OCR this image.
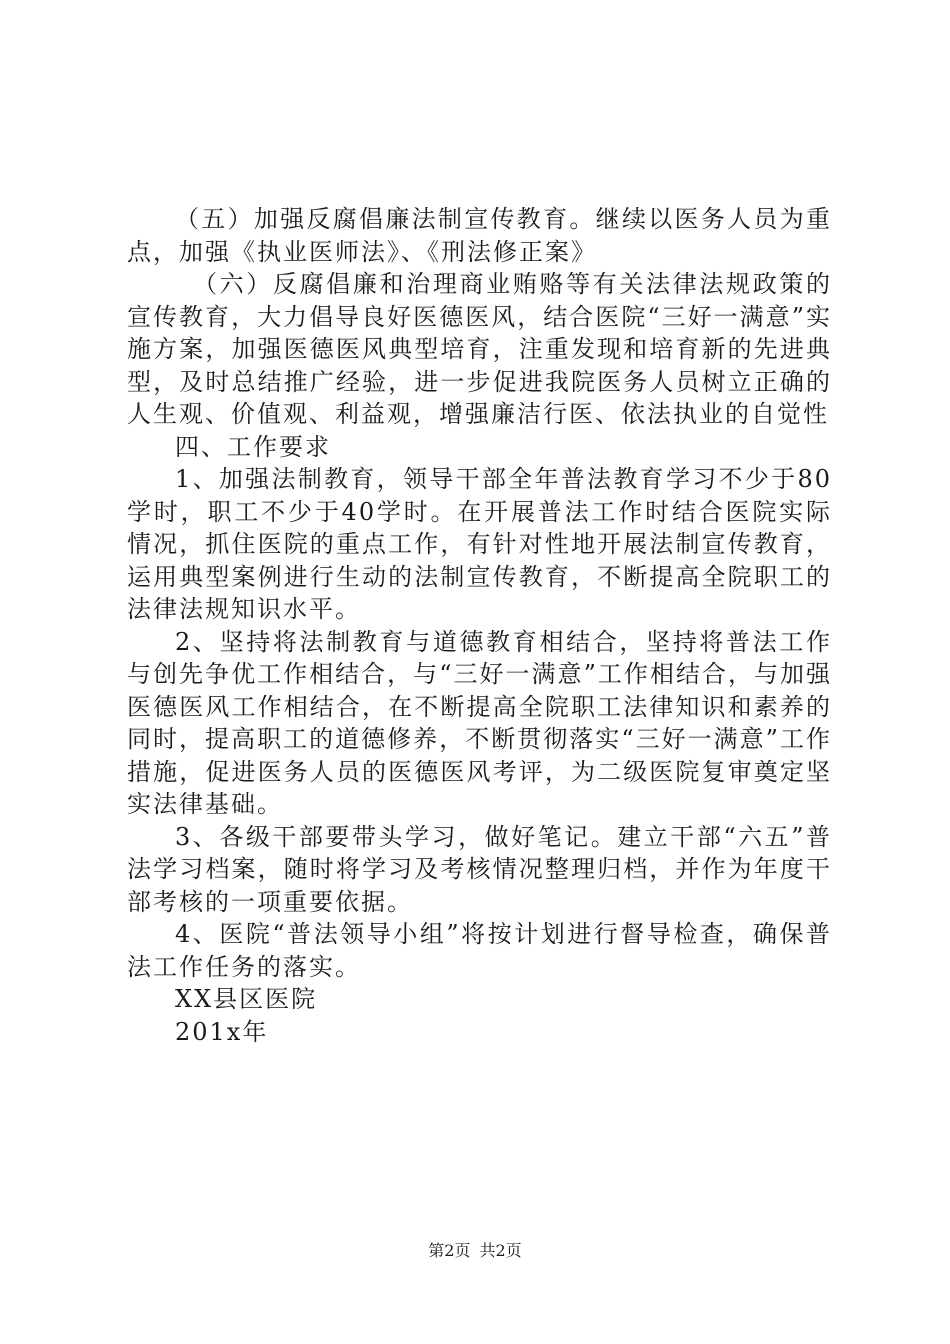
（五）加强反腐倡廉法制宣传教育。继续以医务人员为重点，加强《执业医师法》、《刑法修正案》

（六）反腐倡廉和治理商业贿赂等有关法律法规政策的宣传教育，大力倡导良好医德医风，结合医院“三好一满意”实施方案，加强医德医风典型培育，注重发现和培育新的先进典型，及时总结推广经验，进一步促进我院医务人员树立正确的人生观、价值观、利益观，增强廉洁行医、依法执业的自觉性

四、工作要求

1、加强法制教育，领导干部全年普法教育学习不少于80学时，职工不少于40学时。在开展普法工作时结合医院实际情况，抓住医院的重点工作，有针对性地开展法制宣传教育，运用典型案例进行生动的法制宣传教育，不断提高全院职工的法律法规知识水平。

2、坚持将法制教育与道德教育相结合，坚持将普法工作与创先争优工作相结合，与“三好一满意”工作相结合，与加强医德医风工作相结合，在不断提高全院职工法律知识和素养的同时，提高职工的道德修养，不断贯彻落实“三好一满意”工作措施，促进医务人员的医德医风考评，为二级医院复审奠定坚实法律基础。

3、各级干部要带头学习，做好笔记。建立干部“六五”普法学习档案，随时将学习及考核情况整理归档，并作为年度干部考核的一项重要依据。

4、医院“普法领导小组”将按计划进行督导检查，确保普法工作任务的落实。

XX县区医院

201x年

第2页 共2页
